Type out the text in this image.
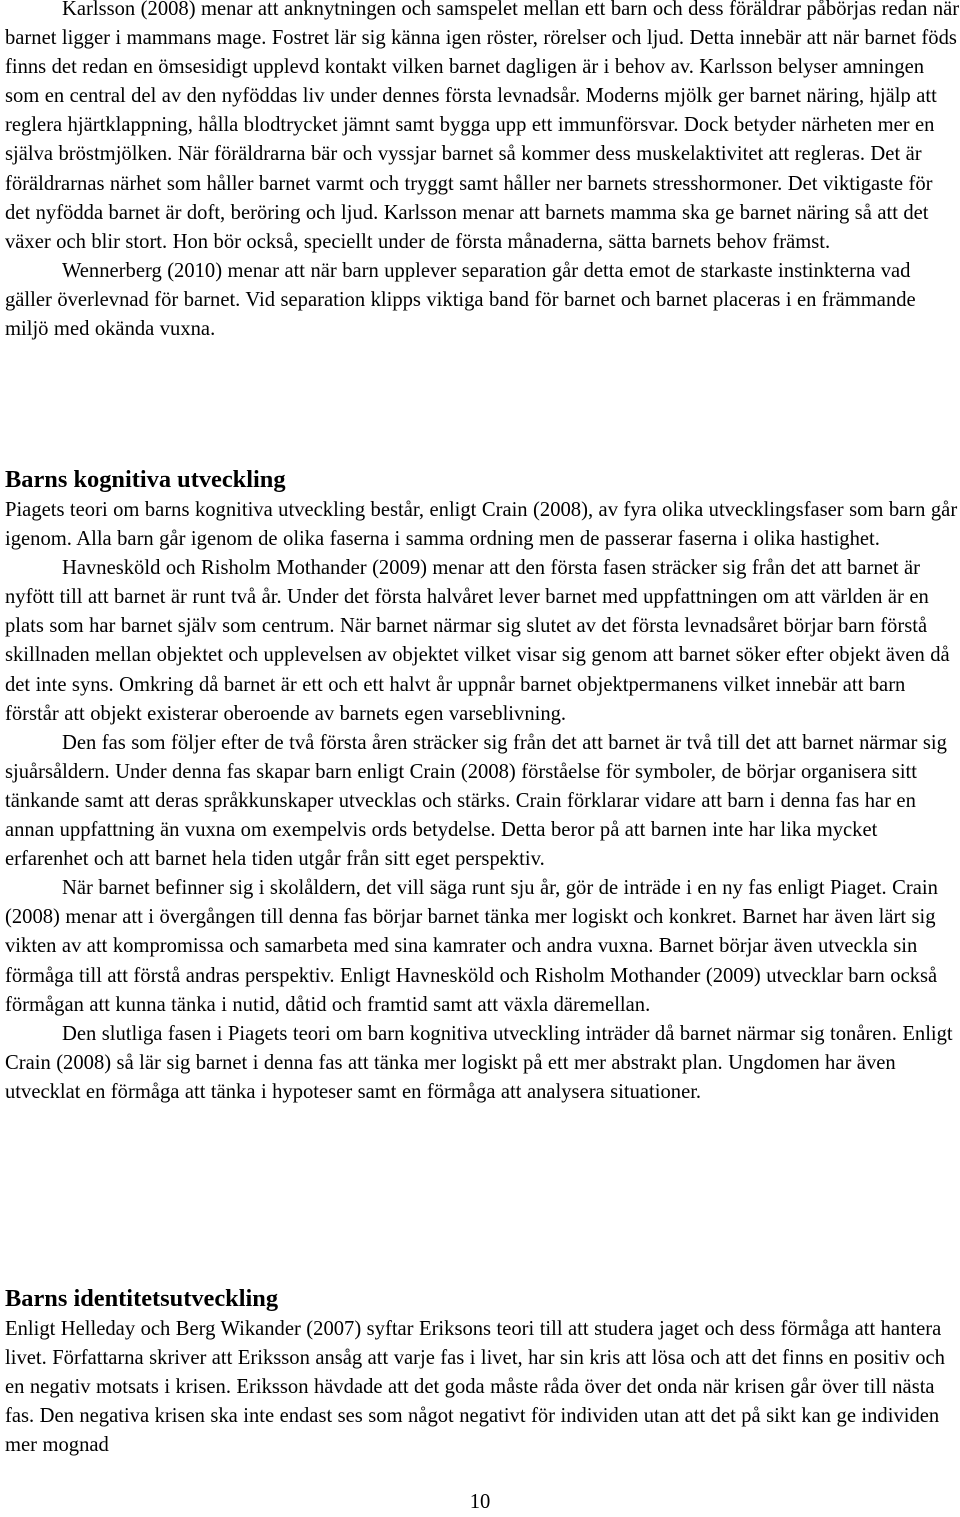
Karlsson (2008) menar att anknytningen och samspelet mellan ett barn och dess föräldrar påbörjas redan när barnet ligger i mammans mage. Fostret lär sig känna igen röster, rörelser och ljud. Detta innebär att när barnet föds finns det redan en ömsesidigt upplevd kontakt vilken barnet dagligen är i behov av. Karlsson belyser amningen som en central del av den nyföddas liv under dennes första levnadsår. Moderns mjölk ger barnet näring, hjälp att reglera hjärtklappning, hålla blodtrycket jämnt samt bygga upp ett immunförsvar. Dock betyder närheten mer en själva bröstmjölken. När föräldrarna bär och vyssjar barnet så kommer dess muskelaktivitet att regleras. Det är föräldrarnas närhet som håller barnet varmt och tryggt samt håller ner barnets stresshormoner. Det viktigaste för det nyfödda barnet är doft, beröring och ljud. Karlsson menar att barnets mamma ska ge barnet näring så att det växer och blir stort. Hon bör också, speciellt under de första månaderna, sätta barnets behov främst.

Wennerberg (2010) menar att när barn upplever separation går detta emot de starkaste instinkterna vad gäller överlevnad för barnet. Vid separation klipps viktiga band för barnet och barnet placeras i en främmande miljö med okända vuxna.

Barns kognitiva utveckling

Piagets teori om barns kognitiva utveckling består, enligt Crain (2008), av fyra olika utvecklingsfaser som barn går igenom. Alla barn går igenom de olika faserna i samma ordning men de passerar faserna i olika hastighet.

Havnesköld och Risholm Mothander (2009) menar att den första fasen sträcker sig från det att barnet är nyfött till att barnet är runt två år. Under det första halvåret lever barnet med uppfattningen om att världen är en plats som har barnet själv som centrum. När barnet närmar sig slutet av det första levnadsåret börjar barn förstå skillnaden mellan objektet och upplevelsen av objektet vilket visar sig genom att barnet söker efter objekt även då det inte syns. Omkring då barnet är ett och ett halvt år uppnår barnet objektpermanens vilket innebär att barn förstår att objekt existerar oberoende av barnets egen varseblivning.

Den fas som följer efter de två första åren sträcker sig från det att barnet är två till det att barnet närmar sig sjuårsåldern. Under denna fas skapar barn enligt Crain (2008) förståelse för symboler, de börjar organisera sitt tänkande samt att deras språkkunskaper utvecklas och stärks. Crain förklarar vidare att barn i denna fas har en annan uppfattning än vuxna om exempelvis ords betydelse. Detta beror på att barnen inte har lika mycket erfarenhet och att barnet hela tiden utgår från sitt eget perspektiv.

När barnet befinner sig i skolåldern, det vill säga runt sju år, gör de inträde i en ny fas enligt Piaget. Crain (2008) menar att i övergången till denna fas börjar barnet tänka mer logiskt och konkret. Barnet har även lärt sig vikten av att kompromissa och samarbeta med sina kamrater och andra vuxna. Barnet börjar även utveckla sin förmåga till att förstå andras perspektiv. Enligt Havnesköld och Risholm Mothander (2009) utvecklar barn också förmågan att kunna tänka i nutid, dåtid och framtid samt att växla däremellan.

Den slutliga fasen i Piagets teori om barn kognitiva utveckling inträder då barnet närmar sig tonåren. Enligt Crain (2008) så lär sig barnet i denna fas att tänka mer logiskt på ett mer abstrakt plan. Ungdomen har även utvecklat en förmåga att tänka i hypoteser samt en förmåga att analysera situationer.

Barns identitetsutveckling

Enligt Helleday och Berg Wikander (2007) syftar Eriksons teori till att studera jaget och dess förmåga att hantera livet. Författarna skriver att Eriksson ansåg att varje fas i livet, har sin kris att lösa och att det finns en positiv och en negativ motsats i krisen. Eriksson hävdade att det goda måste råda över det onda när krisen går över till nästa fas. Den negativa krisen ska inte endast ses som något negativt för individen utan att det på sikt kan ge individen mer mognad

10
